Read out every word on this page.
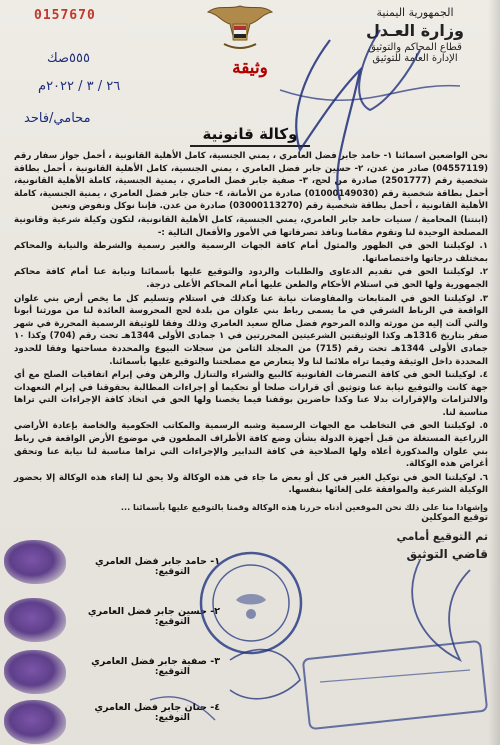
0157670	الجمهورية اليمنية
وزارة العـدل
قطاع المحاكم والتوثيق
الإدارة العامة للتوثيق
وثيقة
٥٥٥صك
٢٦ / ٣ / ٢٠٢٢م
محامي/فاحد
وكالة قانونية

نحن الواضعين اسمائنا ١- حامد جابر فضل العامري ، يمني الجنسية، كامل الأهلية القانونية ، أحمل جواز سفار رقم (04557119) صادر من عدن، ٢- حسين جابر فضل العامري ، يمني الجنسية، كامل الأهلية القانونية ، أحمل بطاقة شخصية رقم (2501777) صادرة من لحج، ٣- صفية جابر فضل العامري ، يمنية الجنسية، كاملة الأهلية القانونية، أحمل بطاقة شخصية رقم (01000149030) صادرة من الأمانة، ٤- حنان جابر فضل العامري ، يمنية الجنسية، كاملة الأهلية القانونية ، أحمل بطاقة شخصية رقم (03000113270) صادرة من عدن. فإننا نوكل ونفوض ونعين

(ابنتنا) المحامية / سنيات حامد جابر العامري، يمني الجنسية، كامل الأهلية القانونية، لتكون وكيلة شرعية وقانونية المصلحة الوحيدة لنا وتقوم مقامنا ونافذ تصرفاتها في الأمور والأفعال التالية :-

١. لوكيلتنا الحق في الظهور والمثول أمام كافة الجهات الرسمية والغير رسمية والشرطة والنيابة والمحاكم بمختلف درجاتها واختصاصاتها.

٢. لوكيلتنا الحق في تقديم الدعاوى والطلبات والردود والتوقيع عليها بأسمائنا ونيابة عنا أمام كافة محاكم الجمهورية ولها الحق في استلام الأحكام والطعن عليها أمام المحاكم الأعلى درجة.

٣. لوكيلتنا الحق في المتابعات والمفاوضات نيابة عنا وكذلك في استلام وتسليم كل ما يخص أرض بني علوان الواقعة في الرباط الشرقي في ما يسمى رباط بني علوان من بلدة لحج المحروسة العائدة لنا من مورثنا أبونا والتي آلت إليه من مورثه والده المرحوم فضل صالح سعيد العامري وذلك وفقا للوثيقة الرسمية المحررة في شهر صفر بتاريخ 1316هـ وكذا الوثيقتين الشرعيتين المحررتين في ١ جمادى الأولى 1344هـ تحت رقم (704) وكذا ١٠ جمادى الأولى 1344هـ تحت رقم (715) من المجلد الثامن من سجلات البيوع والمحددة مساحتها وفقا للحدود المحددة داخل الوثيقة وفيما تراه ملائما لنا ولا يتعارض مع مصلحتنا والتوقيع عليها بأسمائنا.

٤. لوكيلتنا الحق في كافة التصرفات القانونية كالبيع والشراء والتنازل والرهن وفي إبرام اتفاقيات الصلح مع أي جهة كانت والتوقيع نيابة عنا وتوثيق أي قرارات صلحا أو تحكيما أو إجراءات المطالبة بحقوقنا في إبرام التعهدات والالتزامات والإقرارات بدلا عنا وكذا حاضرين بوقفنا فيما يخصنا ولها الحق في اتخاذ كافة الإجراءات التي تراها مناسبة لنا.

٥. لوكيلتنا الحق في التخاطب مع الجهات الرسمية وشبه الرسمية والمكاتب الحكومية والخاصة بإعادة الأراضي الزراعية المستغلة من قبل أجهزة الدولة بشأن وضع كافة الأطراف المطعون في موضوع الأرض الواقعة في رباط بني علوان والمذكورة أعلاه ولها الصلاحية في كافة التدابير والإجراءات التي تراها مناسبة لنا نيابة عنا وتحقق أغراض هذه الوكالة.

٦. لوكيلتنا الحق في توكيل الغير في كل أو بعض ما جاء في هذه الوكالة ولا يحق لنا إلغاء هذه الوكالة إلا بحضور الوكيلة الشرعية والموافقة على إلغائها بنفسها.

وإشهادا منا على ذلك نحن الموقعين أدناه حررنا هذه الوكالة وقمنا بالتوقيع عليها بأسمائنا ...
توقيع الموكلين
١- حامد جابر فضل العامري
التوقيع:
٢- حسين جابر فضل العامري
التوقيع:
٣- صفية جابر فضل العامري
التوقيع:
٤- حنان جابر فضل العامري
التوقيع:
تم التوقيع أمامي
قاضي التوثيق
